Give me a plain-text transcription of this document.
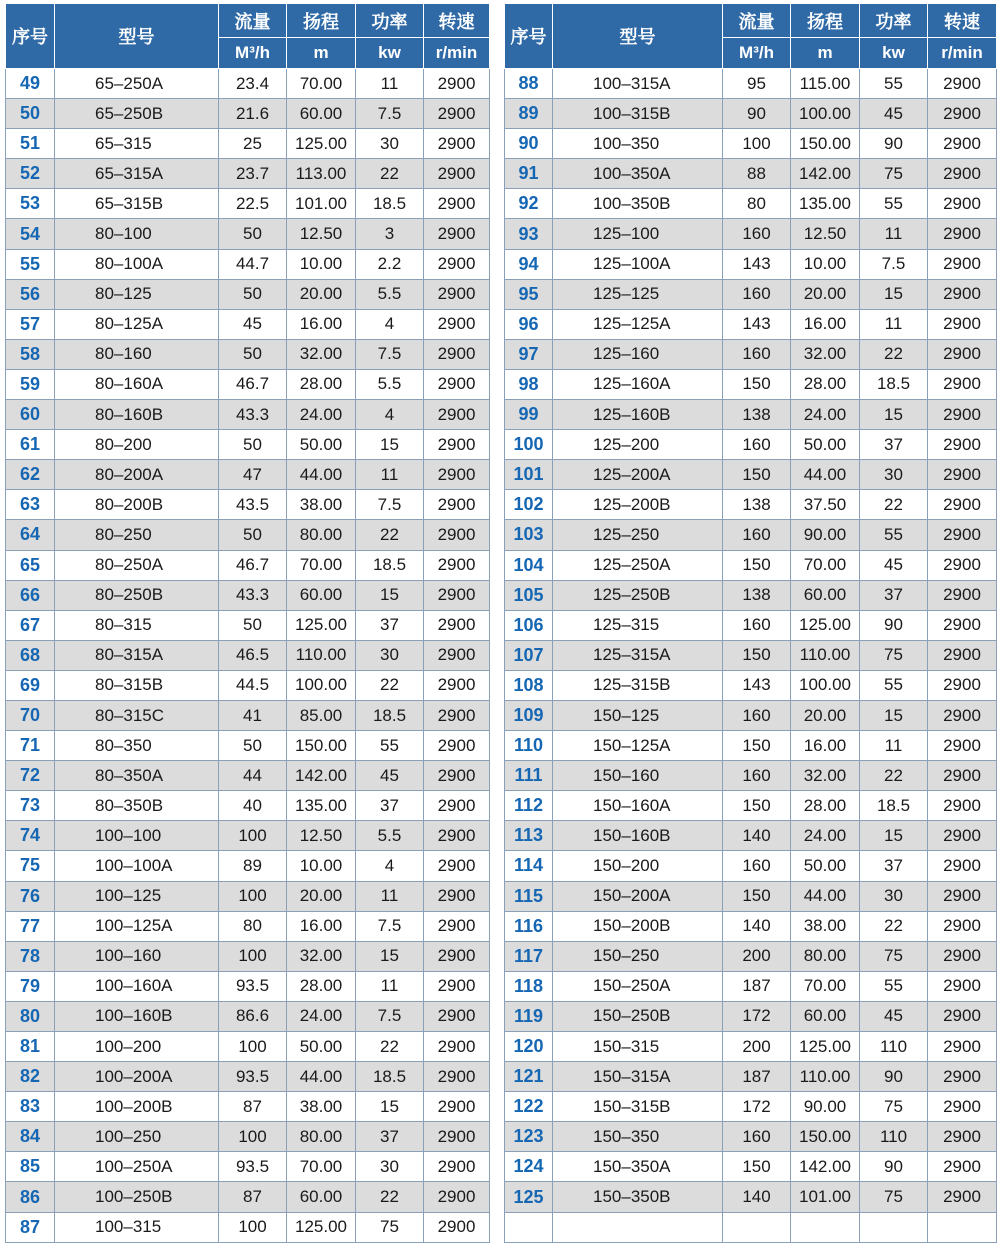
序号	型号	流量	扬程	功率	转速
		M³/h	m	kw	r/min
49	65–250A	23.4	70.00	11	2900
50	65–250B	21.6	60.00	7.5	2900
51	65–315	25	125.00	30	2900
52	65–315A	23.7	113.00	22	2900
53	65–315B	22.5	101.00	18.5	2900
54	80–100	50	12.50	3	2900
55	80–100A	44.7	10.00	2.2	2900
56	80–125	50	20.00	5.5	2900
57	80–125A	45	16.00	4	2900
58	80–160	50	32.00	7.5	2900
59	80–160A	46.7	28.00	5.5	2900
60	80–160B	43.3	24.00	4	2900
61	80–200	50	50.00	15	2900
62	80–200A	47	44.00	11	2900
63	80–200B	43.5	38.00	7.5	2900
64	80–250	50	80.00	22	2900
65	80–250A	46.7	70.00	18.5	2900
66	80–250B	43.3	60.00	15	2900
67	80–315	50	125.00	37	2900
68	80–315A	46.5	110.00	30	2900
69	80–315B	44.5	100.00	22	2900
70	80–315C	41	85.00	18.5	2900
71	80–350	50	150.00	55	2900
72	80–350A	44	142.00	45	2900
73	80–350B	40	135.00	37	2900
74	100–100	100	12.50	5.5	2900
75	100–100A	89	10.00	4	2900
76	100–125	100	20.00	11	2900
77	100–125A	80	16.00	7.5	2900
78	100–160	100	32.00	15	2900
79	100–160A	93.5	28.00	11	2900
80	100–160B	86.6	24.00	7.5	2900
81	100–200	100	50.00	22	2900
82	100–200A	93.5	44.00	18.5	2900
83	100–200B	87	38.00	15	2900
84	100–250	100	80.00	37	2900
85	100–250A	93.5	70.00	30	2900
86	100–250B	87	60.00	22	2900
87	100–315	100	125.00	75	2900
序号	型号	流量	扬程	功率	转速
		M³/h	m	kw	r/min
88	100–315A	95	115.00	55	2900
89	100–315B	90	100.00	45	2900
90	100–350	100	150.00	90	2900
91	100–350A	88	142.00	75	2900
92	100–350B	80	135.00	55	2900
93	125–100	160	12.50	11	2900
94	125–100A	143	10.00	7.5	2900
95	125–125	160	20.00	15	2900
96	125–125A	143	16.00	11	2900
97	125–160	160	32.00	22	2900
98	125–160A	150	28.00	18.5	2900
99	125–160B	138	24.00	15	2900
100	125–200	160	50.00	37	2900
101	125–200A	150	44.00	30	2900
102	125–200B	138	37.50	22	2900
103	125–250	160	90.00	55	2900
104	125–250A	150	70.00	45	2900
105	125–250B	138	60.00	37	2900
106	125–315	160	125.00	90	2900
107	125–315A	150	110.00	75	2900
108	125–315B	143	100.00	55	2900
109	150–125	160	20.00	15	2900
110	150–125A	150	16.00	11	2900
111	150–160	160	32.00	22	2900
112	150–160A	150	28.00	18.5	2900
113	150–160B	140	24.00	15	2900
114	150–200	160	50.00	37	2900
115	150–200A	150	44.00	30	2900
116	150–200B	140	38.00	22	2900
117	150–250	200	80.00	75	2900
118	150–250A	187	70.00	55	2900
119	150–250B	172	60.00	45	2900
120	150–315	200	125.00	110	2900
121	150–315A	187	110.00	90	2900
122	150–315B	172	90.00	75	2900
123	150–350	160	150.00	110	2900
124	150–350A	150	142.00	90	2900
125	150–350B	140	101.00	75	2900
